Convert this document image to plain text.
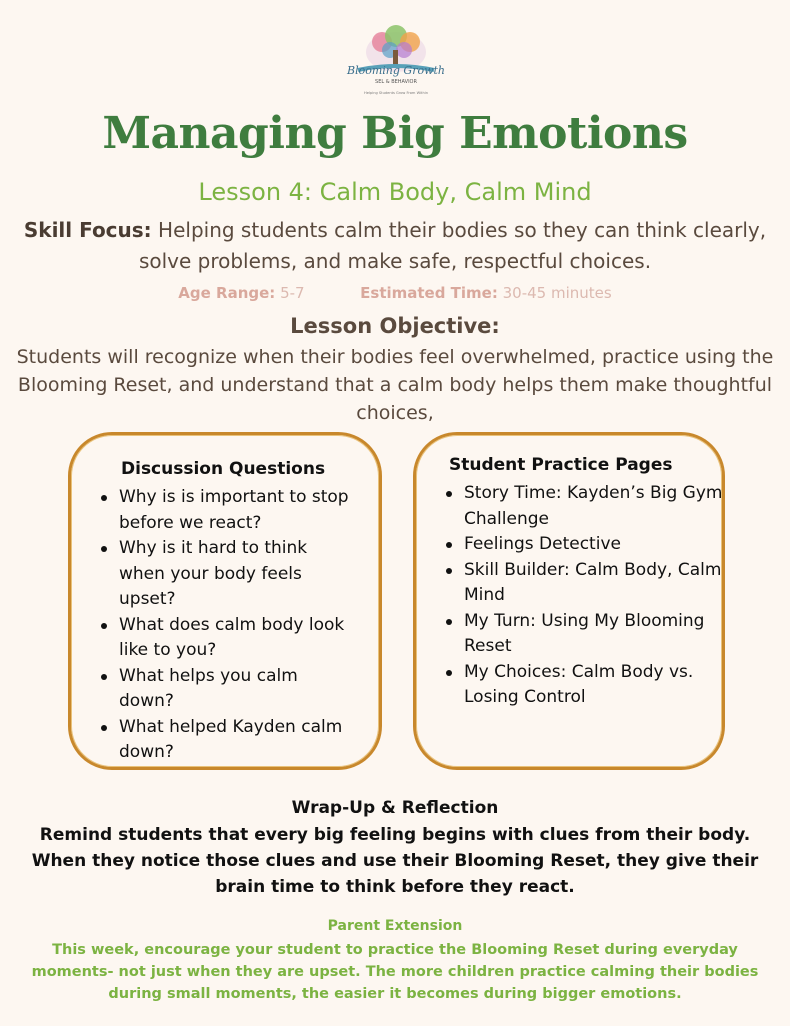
Blooming Growth
SEL & BEHAVIOR
Helping Students Grow From Within
Managing Big Emotions
Lesson 4: Calm Body, Calm Mind
Skill Focus: Helping students calm their bodies so they can think clearly, solve problems, and make safe, respectful choices.
Age Range: 5-7	Estimated Time: 30-45 minutes
Lesson Objective:
Students will recognize when their bodies feel overwhelmed, practice using the Blooming Reset, and understand that a calm body helps them make thoughtful choices,
Discussion Questions
Why is is important to stop before we react?
Why is it hard to think when your body feels upset?
What does calm body look like to you?
What helps you calm down?
What helped Kayden calm down?
Student Practice Pages
Story Time: Kayden’s Big Gym Challenge
Feelings Detective
Skill Builder: Calm Body, Calm Mind
My Turn: Using My Blooming Reset
My Choices: Calm Body vs. Losing Control
Wrap-Up & Reflection
Remind students that every big feeling begins with clues from their body. When they notice those clues and use their Blooming Reset, they give their brain time to think before they react.
Parent Extension
This week, encourage your student to practice the Blooming Reset during everyday moments- not just when they are upset. The more children practice calming their bodies during small moments, the easier it becomes during bigger emotions.
